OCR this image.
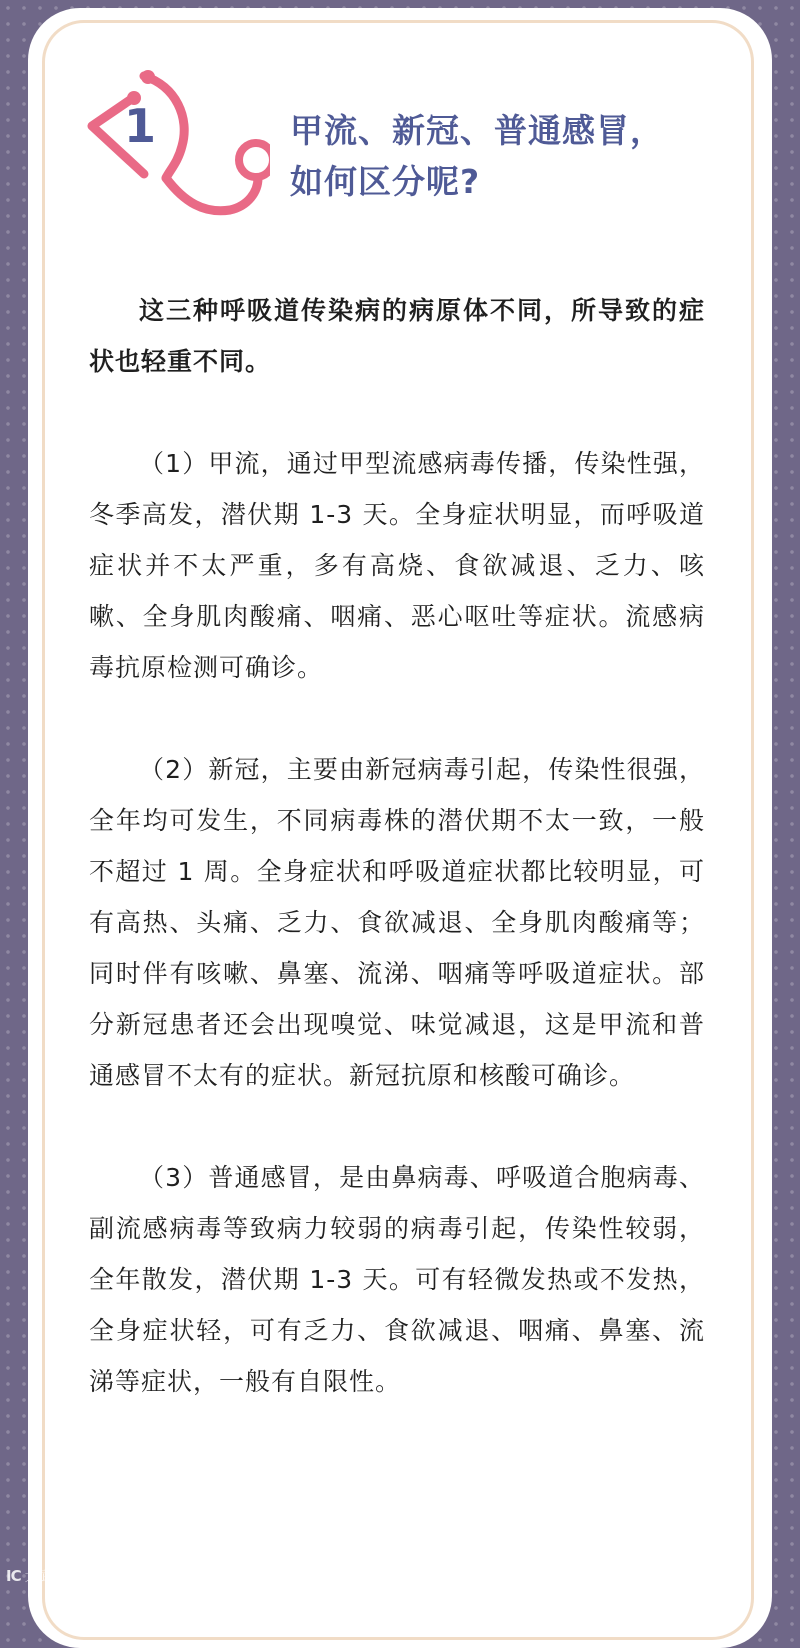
1	甲流、新冠、普通感冒，
如何区分呢?

这三种呼吸道传染病的病原体不同，所导致的症状也轻重不同。

（1）甲流，通过甲型流感病毒传播，传染性强，冬季高发，潜伏期 1-3 天。全身症状明显，而呼吸道症状并不太严重，多有高烧、食欲减退、乏力、咳嗽、全身肌肉酸痛、咽痛、恶心呕吐等症状。流感病毒抗原检测可确诊。

（2）新冠，主要由新冠病毒引起，传染性很强，全年均可发生，不同病毒株的潜伏期不太一致，一般不超过 1 周。全身症状和呼吸道症状都比较明显，可有高热、头痛、乏力、食欲减退、全身肌肉酸痛等；同时伴有咳嗽、鼻塞、流涕、咽痛等呼吸道症状。部分新冠患者还会出现嗅觉、味觉减退，这是甲流和普通感冒不太有的症状。新冠抗原和核酸可确诊。

（3）普通感冒，是由鼻病毒、呼吸道合胞病毒、副流感病毒等致病力较弱的病毒引起，传染性较弱，全年散发，潜伏期 1-3 天。可有轻微发热或不发热，全身症状轻，可有乏力、食欲减退、咽痛、鼻塞、流涕等症状，一般有自限性。

IC 大武汉
